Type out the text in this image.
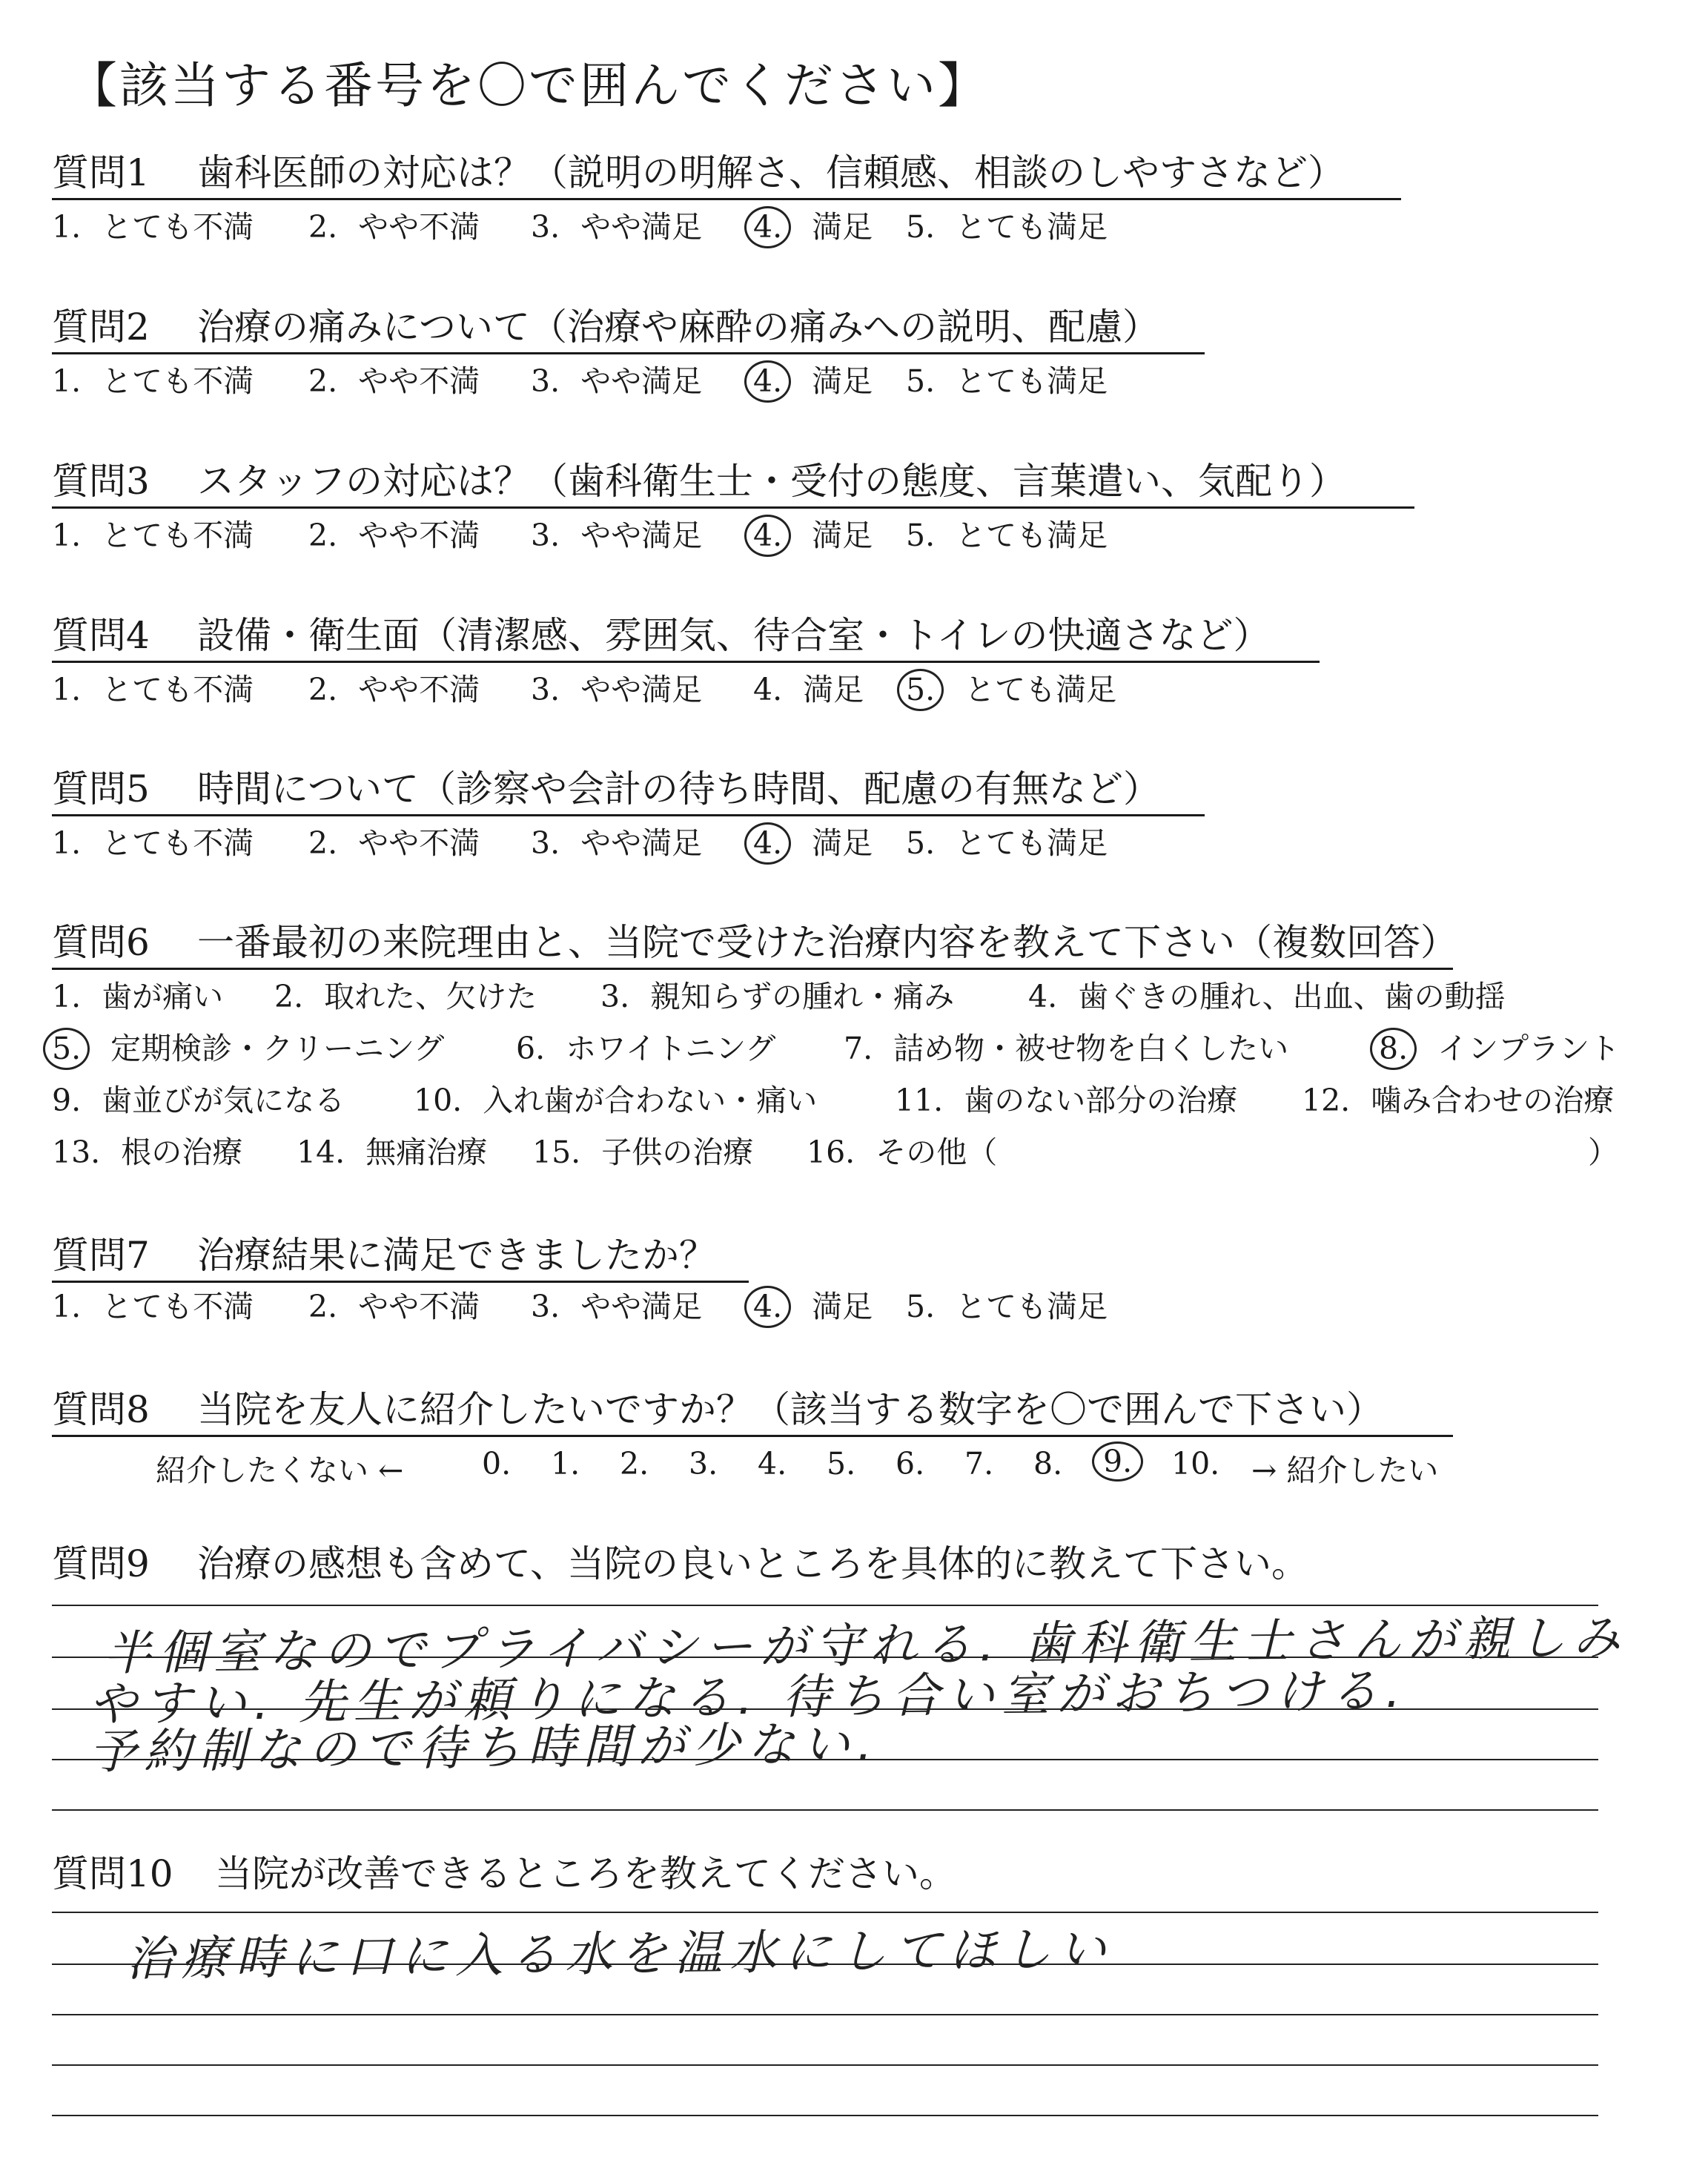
【該当する番号を〇で囲んでください】
質問1 歯科医師の対応は？（説明の明解さ、信頼感、相談のしやすさなど）
1. とても不満 2. やや不満 3. やや満足 4. 満足 5. とても満足
質問2 治療の痛みについて（治療や麻酔の痛みへの説明、配慮）
1. とても不満 2. やや不満 3. やや満足 4. 満足 5. とても満足
質問3 スタッフの対応は？（歯科衛生士・受付の態度、言葉遣い、気配り）
1. とても不満 2. やや不満 3. やや満足 4. 満足 5. とても満足
質問4 設備・衛生面（清潔感、雰囲気、待合室・トイレの快適さなど）
1. とても不満 2. やや不満 3. やや満足 4. 満足 5. とても満足
質問5 時間について（診察や会計の待ち時間、配慮の有無など）
1. とても不満 2. やや不満 3. やや満足 4. 満足 5. とても満足
質問6 一番最初の来院理由と、当院で受けた治療内容を教えて下さい（複数回答）
1. 歯が痛い 2. 取れた、欠けた 3. 親知らずの腫れ・痛み 4. 歯ぐきの腫れ、出血、歯の動揺
5. 定期検診・クリーニング 6. ホワイトニング 7. 詰め物・被せ物を白くしたい	8. インプラント
9. 歯並びが気になる 10. 入れ歯が合わない・痛い	11. 歯のない部分の治療 12. 噛み合わせの治療
13. 根の治療 14. 無痛治療 15. 子供の治療 16. その他（	）
質問7 治療結果に満足できましたか？
1. とても不満 2. やや不満 3. やや満足 4. 満足 5. とても満足
質問8 当院を友人に紹介したいですか？（該当する数字を〇で囲んで下さい）
紹介したくない ←	0. 1. 2. 3. 4. 5. 6. 7. 8.	9.	10. → 紹介したい
質問9 治療の感想も含めて、当院の良いところを具体的に教えて下さい。
半個室なのでプライバシーが守れる. 歯科衛生士さんが親しみ
やすい. 先生が頼りになる. 待ち合い室がおちつける.
予約制なので待ち時間が少ない.
質問10 当院が改善できるところを教えてください。
治療時に口に入る水を温水にしてほしい
